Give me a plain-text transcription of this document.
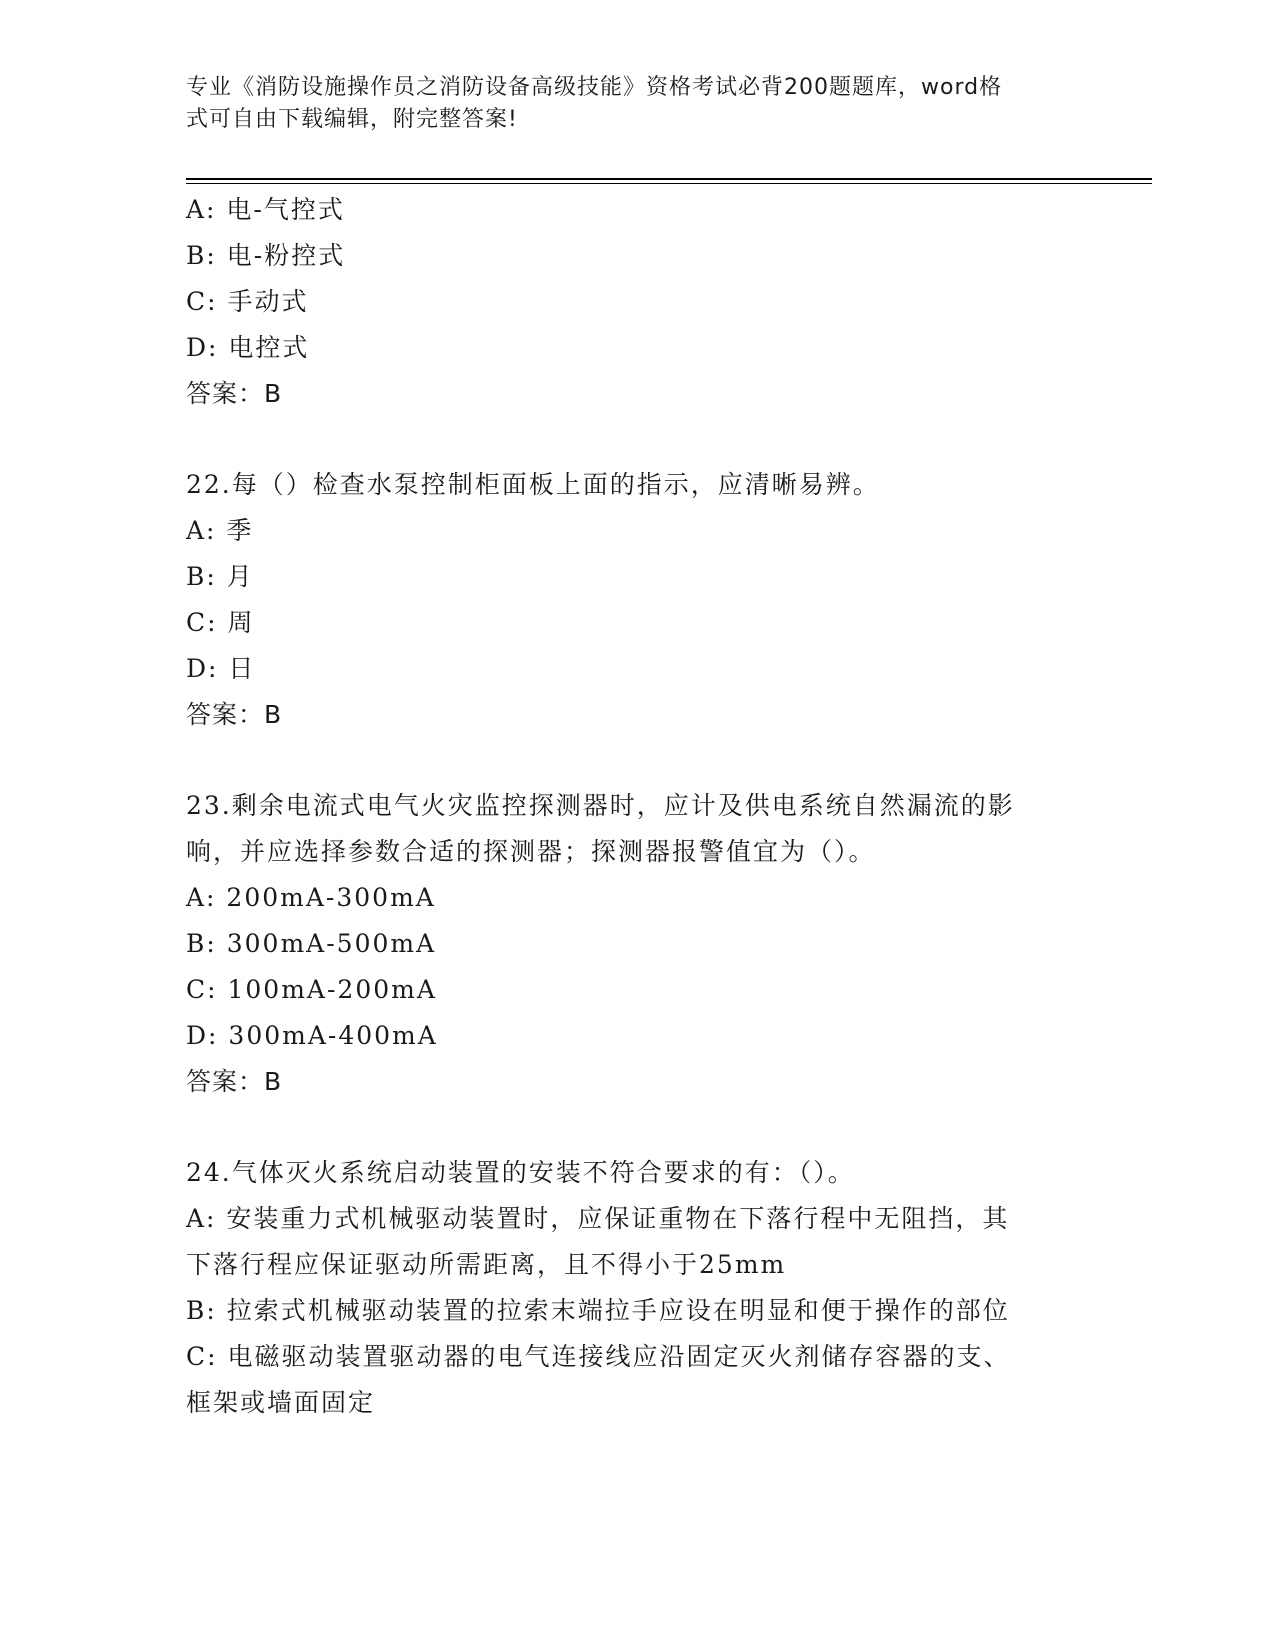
专业《消防设施操作员之消防设备高级技能》资格考试必背200题题库，word格
式可自由下载编辑，附完整答案!
A: 电-气控式
B: 电-粉控式
C: 手动式
D: 电控式
答案：B
22.每（）检查水泵控制柜面板上面的指示，应清晰易辨。
A: 季
B: 月
C: 周
D: 日
答案：B
23.剩余电流式电气火灾监控探测器时，应计及供电系统自然漏流的影
响，并应选择参数合适的探测器；探测器报警值宜为（）。
A: 200mA-300mA
B: 300mA-500mA
C: 100mA-200mA
D: 300mA-400mA
答案：B
24.气体灭火系统启动装置的安装不符合要求的有：（）。
A: 安装重力式机械驱动装置时，应保证重物在下落行程中无阻挡，其
下落行程应保证驱动所需距离，且不得小于25mm
B: 拉索式机械驱动装置的拉索末端拉手应设在明显和便于操作的部位
C: 电磁驱动装置驱动器的电气连接线应沿固定灭火剂储存容器的支、
框架或墙面固定
